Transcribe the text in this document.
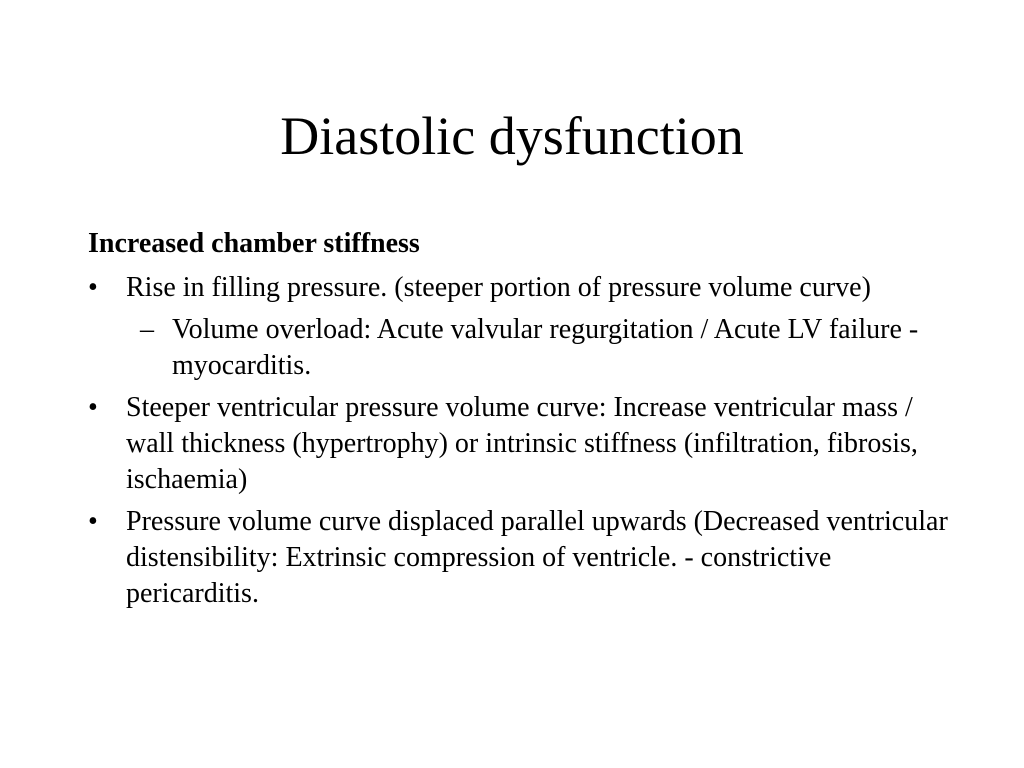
Diastolic dysfunction
Increased chamber stiffness
• Rise in filling pressure. (steeper portion of pressure volume curve)
– Volume overload: Acute valvular regurgitation / Acute LV failure - myocarditis.
• Steeper ventricular pressure volume curve: Increase ventricular mass / wall thickness (hypertrophy) or intrinsic stiffness (infiltration, fibrosis, ischaemia)
• Pressure volume curve displaced parallel upwards (Decreased ventricular distensibility: Extrinsic compression of ventricle. - constrictive pericarditis.
